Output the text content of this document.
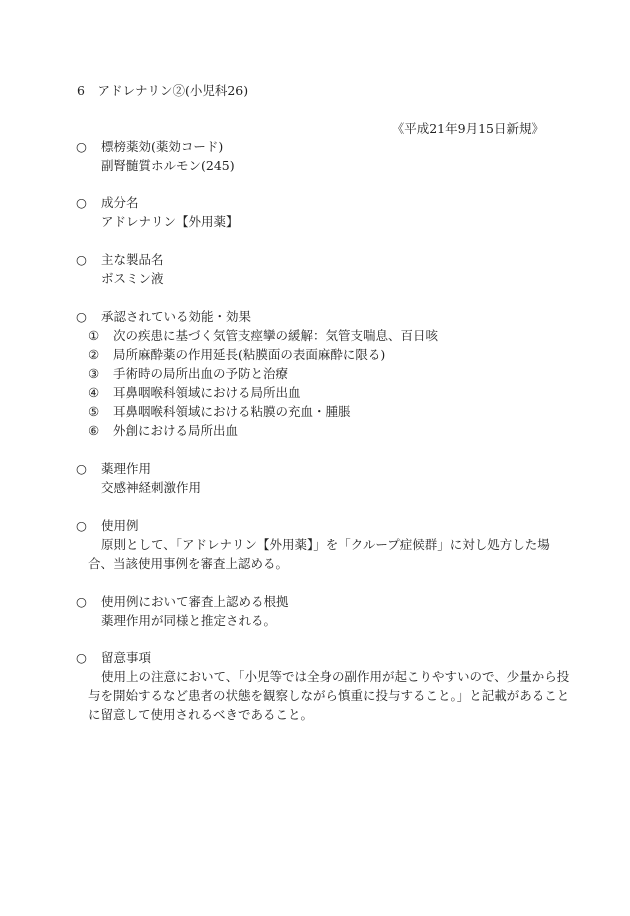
6　アドレナリン②(小児科26)
《平成21年9月15日新規》
○ 標榜薬効(薬効コード)
副腎髄質ホルモン(245)
○ 成分名
アドレナリン【外用薬】
○ 主な製品名
ボスミン液
○ 承認されている効能・効果
① 次の疾患に基づく気管支痙攣の緩解：気管支喘息、百日咳
② 局所麻酔薬の作用延長(粘膜面の表面麻酔に限る)
③ 手術時の局所出血の予防と治療
④ 耳鼻咽喉科領域における局所出血
⑤ 耳鼻咽喉科領域における粘膜の充血・腫脹
⑥ 外創における局所出血
○ 薬理作用
交感神経刺激作用
○ 使用例
原則として、「アドレナリン【外用薬】」を「クループ症候群」に対し処方した場
合、当該使用事例を審査上認める。
○ 使用例において審査上認める根拠
薬理作用が同様と推定される。
○ 留意事項
使用上の注意において、「小児等では全身の副作用が起こりやすいので、少量から投
与を開始するなど患者の状態を観察しながら慎重に投与すること。」と記載があること
に留意して使用されるべきであること。
